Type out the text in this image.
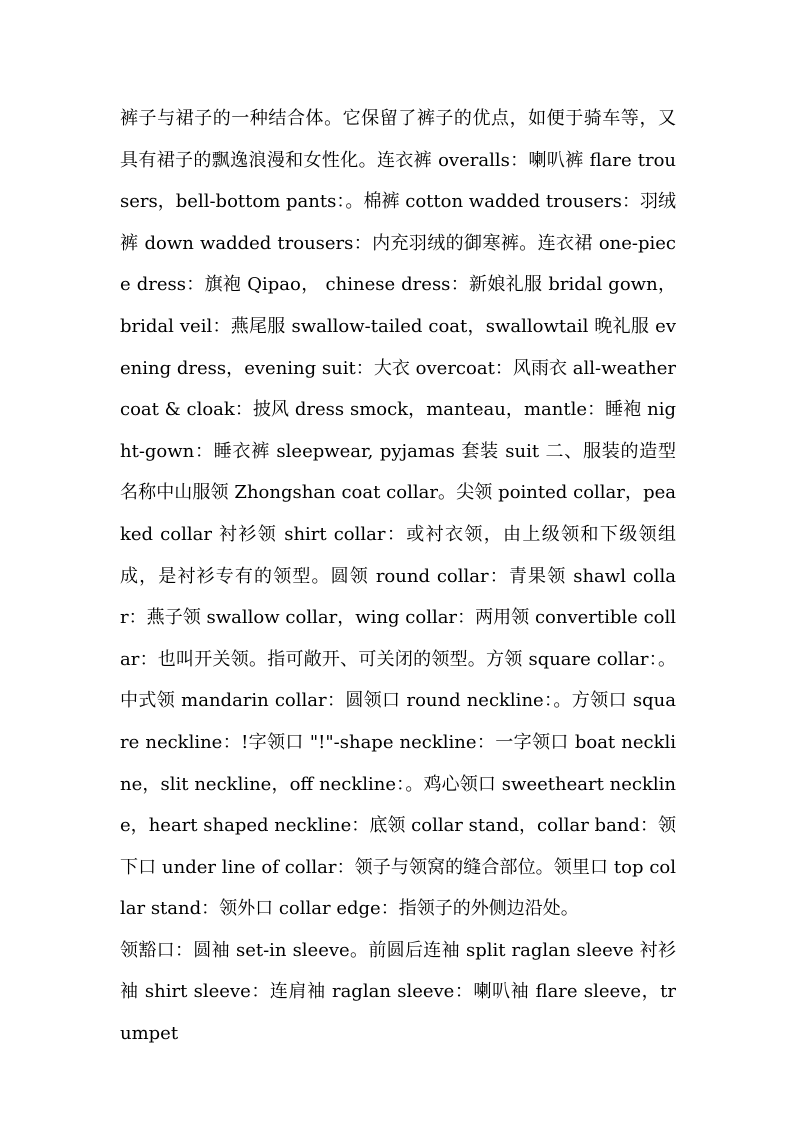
裤子与裙子的一种结合体。它保留了裤子的优点，如便于骑车等，又具有裙子的飘逸浪漫和女性化。连衣裤 overalls：喇叭裤 flare trousers，bell-bottom pants：。棉裤 cotton wadded trousers：羽绒裤 down wadded trousers：内充羽绒的御寒裤。连衣裙 one-piece dress：旗袍 Qipao， chinese dress：新娘礼服 bridal gown，bridal veil：燕尾服 swallow-tailed coat，swallowtail 晚礼服 evening dress，evening suit：大衣 overcoat：风雨衣 all-weather coat & cloak：披风 dress smock，manteau，mantle：睡袍 night-gown：睡衣裤 sleepwear, pyjamas 套装 suit 二、服装的造型名称中山服领 Zhongshan coat collar。尖领 pointed collar，peaked collar 衬衫领 shirt collar：或衬衣领，由上级领和下级领组成，是衬衫专有的领型。圆领 round collar：青果领 shawl collar：燕子领 swallow collar，wing collar：两用领 convertible collar：也叫开关领。指可敞开、可关闭的领型。方领 square collar：。中式领 mandarin collar：圆领口 round neckline：。方领口 square neckline：!字领口 "!"-shape neckline：一字领口 boat neckline，slit neckline，off neckline：。鸡心领口 sweetheart neckline，heart shaped neckline：底领 collar stand，collar band：领下口 under line of collar：领子与领窝的缝合部位。领里口 top collar stand：领外口 collar edge：指领子的外侧边沿处。

领豁口：圆袖 set-in sleeve。前圆后连袖 split raglan sleeve 衬衫袖 shirt sleeve：连肩袖 raglan sleeve：喇叭袖 flare sleeve，trumpet
